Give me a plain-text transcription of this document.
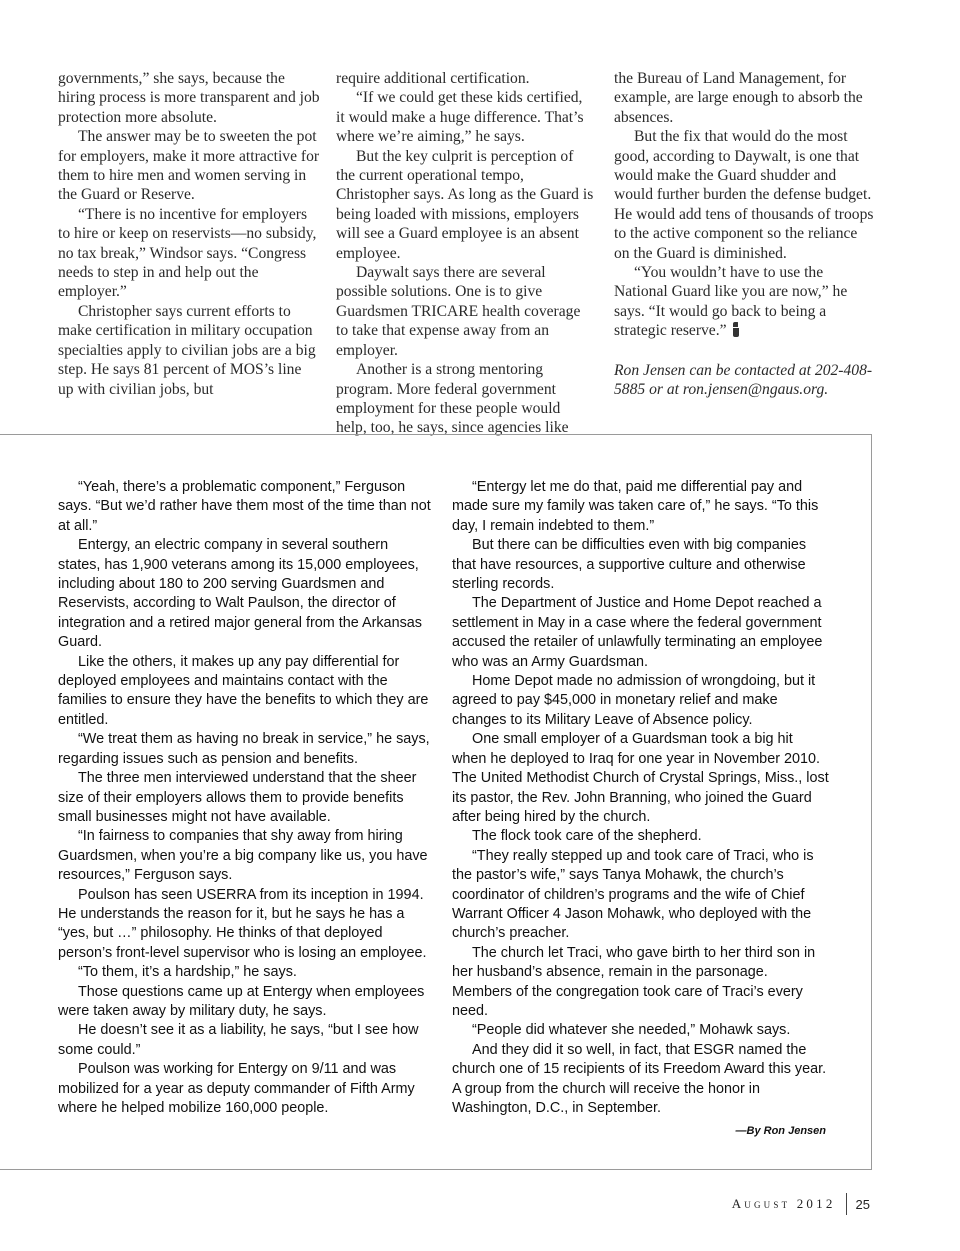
governments,” she says, because the hiring process is more transparent and job protection more absolute.

The answer may be to sweeten the pot for employers, make it more attractive for them to hire men and women serving in the Guard or Reserve.

“There is no incentive for employers to hire or keep on reservists—no subsidy, no tax break,” Windsor says. “Congress needs to step in and help out the employer.”

Christopher says current efforts to make certification in military occupation specialties apply to civilian jobs are a big step. He says 81 percent of MOS’s line up with civilian jobs, but

require additional certification.

“If we could get these kids certified, it would make a huge difference. That’s where we’re aiming,” he says.

But the key culprit is perception of the current operational tempo, Christopher says. As long as the Guard is being loaded with missions, employers will see a Guard employee is an absent employee.

Daywalt says there are several possible solutions. One is to give Guardsmen TRICARE health coverage to take that expense away from an employer.

Another is a strong mentoring program. More federal government employment for these people would help, too, he says, since agencies like

the Bureau of Land Management, for example, are large enough to absorb the absences.

But the fix that would do the most good, according to Daywalt, is one that would make the Guard shudder and would further burden the defense budget. He would add tens of thousands of troops to the active component so the reliance on the Guard is diminished.

“You wouldn’t have to use the National Guard like you are now,” he says. “It would go back to being a strategic reserve.”

Ron Jensen can be contacted at 202-408-5885 or at ron.jensen@ngaus.org.

“Yeah, there’s a problematic component,” Ferguson says. “But we’d rather have them most of the time than not at all.”

Entergy, an electric company in several southern states, has 1,900 veterans among its 15,000 employees, including about 180 to 200 serving Guardsmen and Reservists, according to Walt Paulson, the director of integration and a retired major general from the Arkansas Guard.

Like the others, it makes up any pay differential for deployed employees and maintains contact with the families to ensure they have the benefits to which they are entitled.

“We treat them as having no break in service,” he says, regarding issues such as pension and benefits.

The three men interviewed understand that the sheer size of their employers allows them to provide benefits small businesses might not have available.

“In fairness to companies that shy away from hiring Guardsmen, when you’re a big company like us, you have resources,” Ferguson says.

Poulson has seen USERRA from its inception in 1994. He understands the reason for it, but he says he has a “yes, but …” philosophy. He thinks of that deployed person’s front-level supervisor who is losing an employee.

“To them, it’s a hardship,” he says.

Those questions came up at Entergy when employees were taken away by military duty, he says.

He doesn’t see it as a liability, he says, “but I see how some could.”

Poulson was working for Entergy on 9/11 and was mobilized for a year as deputy commander of Fifth Army where he helped mobilize 160,000 people.

“Entergy let me do that, paid me differential pay and made sure my family was taken care of,” he says. “To this day, I remain indebted to them.”

But there can be difficulties even with big companies that have resources, a supportive culture and otherwise sterling records.

The Department of Justice and Home Depot reached a settlement in May in a case where the federal government accused the retailer of unlawfully terminating an employee who was an Army Guardsman.

Home Depot made no admission of wrongdoing, but it agreed to pay $45,000 in monetary relief and make changes to its Military Leave of Absence policy.

One small employer of a Guardsman took a big hit when he deployed to Iraq for one year in November 2010. The United Methodist Church of Crystal Springs, Miss., lost its pastor, the Rev. John Branning, who joined the Guard after being hired by the church.

The flock took care of the shepherd.

“They really stepped up and took care of Traci, who is the pastor’s wife,” says Tanya Mohawk, the church’s coordinator of children’s programs and the wife of Chief Warrant Officer 4 Jason Mohawk, who deployed with the church’s preacher.

The church let Traci, who gave birth to her third son in her husband’s absence, remain in the parsonage. Members of the congregation took care of Traci’s every need.

“People did whatever she needed,” Mohawk says.

And they did it so well, in fact, that ESGR named the church one of 15 recipients of its Freedom Award this year. A group from the church will receive the honor in Washington, D.C., in September.

—By Ron Jensen

August 2012 25
